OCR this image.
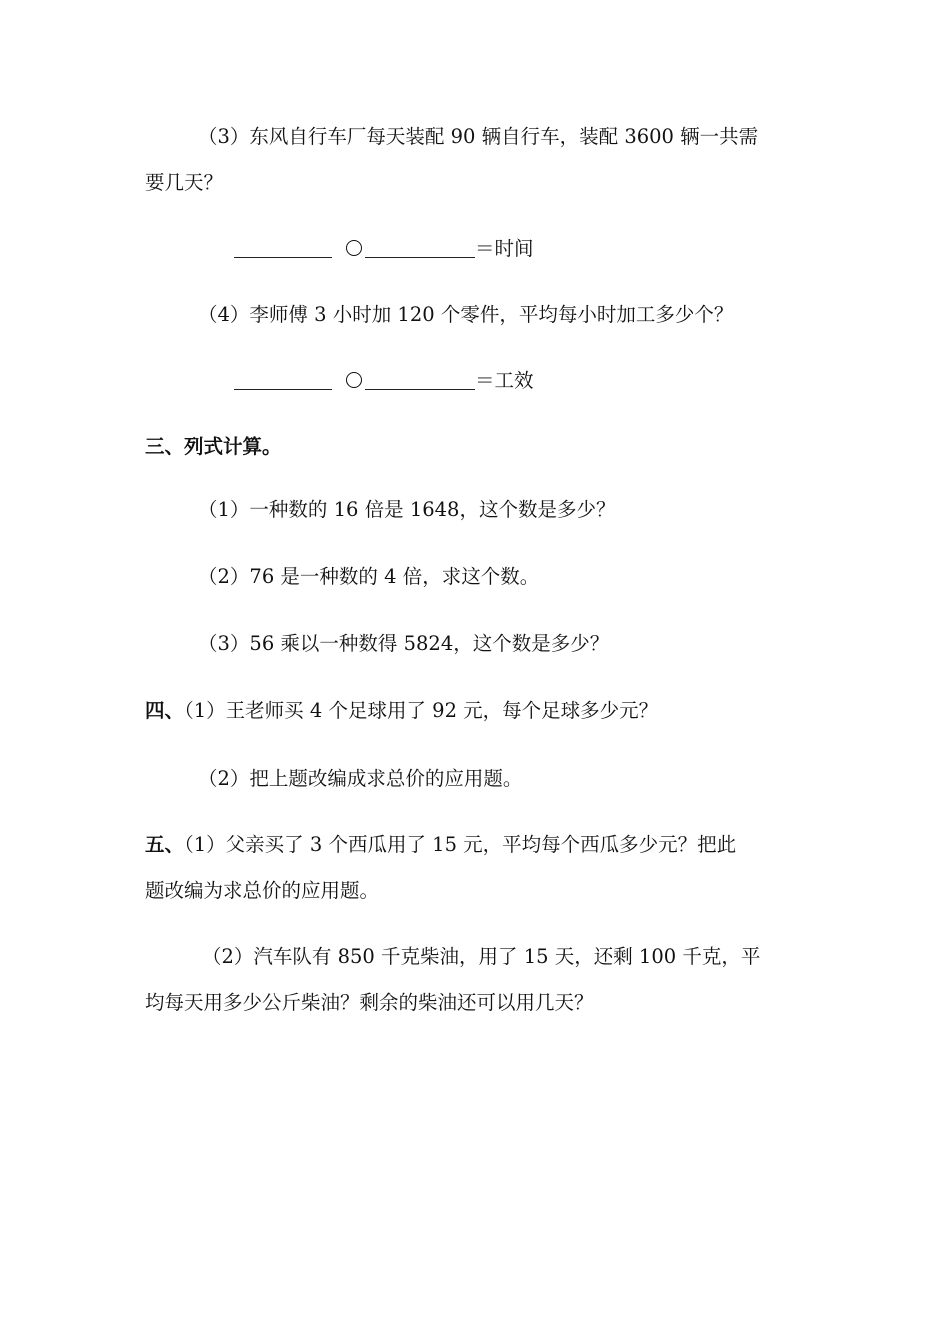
（3）东风自行车厂每天装配 90 辆自行车，装配 3600 辆一共需
要几天？
＝时间
（4）李师傅 3 小时加 120 个零件，平均每小时加工多少个？
＝工效
三、列式计算。
（1）一种数的 16 倍是 1648，这个数是多少？
（2）76 是一种数的 4 倍，求这个数。
（3）56 乘以一种数得 5824，这个数是多少？
四、（1）王老师买 4 个足球用了 92 元，每个足球多少元？
（2）把上题改编成求总价的应用题。
五、（1）父亲买了 3 个西瓜用了 15 元，平均每个西瓜多少元？把此
题改编为求总价的应用题。
（2）汽车队有 850 千克柴油，用了 15 天，还剩 100 千克，平
均每天用多少公斤柴油？剩余的柴油还可以用几天？
